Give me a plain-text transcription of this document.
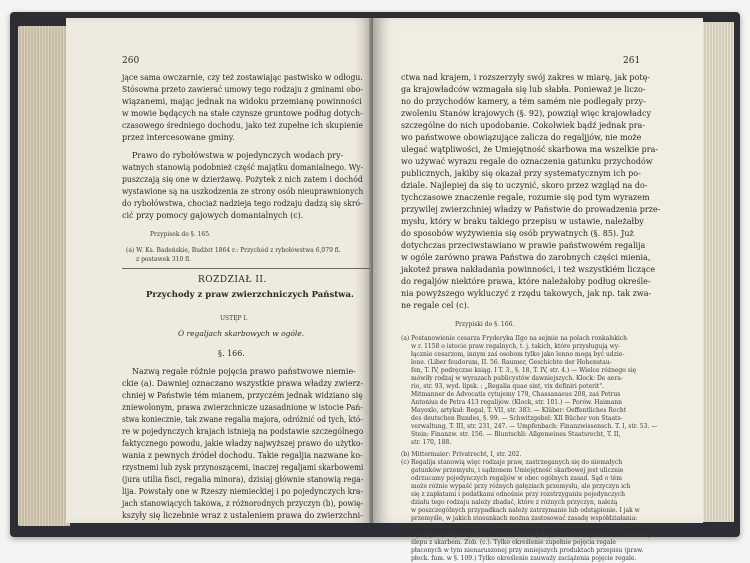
260
jące sama owczarnie, czy też zostawiając pastwisko w odłogu.
Stósowna przeto zawierać umowy tego rodzaju z gminami obo-
wiązanemi, mając jednak na widoku przemianę powinności
w mowie będących na stałe czynsze gruntowe podług dotych-
czasowego średniego dochodu, jako też zupełne ich skupienie
przez intercesowane gminy.
Prawo do rybołówstwa w pojedynczych wodach pry-
watnych stanowią podobnież część majątku domanialnego. Wy-
puszczają się one w dzierżawę. Pożytek z nich zatem i dochód
wystawione są na uszkodzenia ze strony osób nieuprawnionych
do rybołówstwa, chociaż nadzieja tego rodzaju dadzą się skró-
cić przy pomocy gajowych domanialnych (c).
Przypisek do §. 165.
(a) W. Ks. Badeńskie, Budżet 1864 r.: Przychód z rybołówstwa 6,079 fl.
z postawek 310 fl.
ROZDZIAŁ II.
Przychody z praw zwierzchniczych Państwa.
USTĘP I.
O regaljach skarbowych w ogóle.
§. 166.
Nazwą regale różnie pojęcia prawo państwowe niemie-
ckie (a). Dawniej oznaczano wszystkie prawa władzy zwierz-
chniej w Państwie tém mianem, przyczém jednak widziano się
zniewolonym, prawa zwierzchnicze uzasadnione w istocie Pań-
stwa koniecznie, tak zwane regalia majora, odróżnić od tych, któ-
re w pojedynczych krajach istnieją na podstawie szczególnego
faktycznego powodu, jakie władzy najwyższej prawo do użytko-
wania z pewnych źródeł dochodu. Takie regaljia nazwane ko-
rzystnemi lub zysk przynoszącemi, inaczej regaljami skarbowemi
(jura utilia fisci, regalia minora), dzisiaj głównie stanowią rega-
lija. Powstały one w Rzeszy niemieckiej i po pojedynczych kra-
jach stanowiących takowa, z różnorodnych przyczyn (b), powię-
kszyły się liczebnie wraz z ustaleniem prawa do zwierzchni-
261
ctwa nad krajem, i rozszerzyły swój zakres w miarę, jak potę-
ga krajowładców wzmagała się lub słabła. Ponieważ je liczo-
no do przychodów kamery, a tém samém nie podlegały przy-
zwoleniu Stanów krajowych (§. 92), powziął więc krajowładcy
szczególne do nich upodobanie. Cokolwiek bądź jednak pra-
wo państwowe obowiązujące zalicza do regaljjów, nie może
ulegać wątpliwości, że Umiejętność skarbowa ma wszelkie pra-
wo używać wyrazu regale do oznaczenia gatunku przychodów
publicznych, jakiby się okazał przy systematycznym ich po-
dziale. Najlepiej da się to uczynić, skoro przez wzgląd na do-
tychczasowe znaczenie regale, rozumie się pod tym wyrazem
przywilej zwierzchniej władzy w Państwie do prowadzenia prze-
mysłu, który w braku takiego przepisu w ustawie, należałby
do sposobów wyżywienia się osób prywatnych (§. 85). Już
dotychczas przeciwstawiano w prawie państwowém regalija
w ogóle zarówno prawa Państwa do zarobnych części mienia,
jakoteż prawa nakładania powinności, i też wszystkiém liczące
do regaljów niektóre prawa, które należałoby podług określe-
nia powyższego wykluczyć z rzędu takowych, jak np. tak zwa-
ne regale cel (c).
Przypiski do §. 166.
(a) Postanowienie cesarza Fryderyka IIgo na sejmie na polach ronkalskich
w r. 1158 o istocie praw regalnych, t. j. takich, które przysługują wy-
łącznie cesarzom, innym zaś osobom tylko jako lenno mogą być udzie-
lone. (Liber feudorum, II. 56. Raumer, Geschichte der Hohenstau-
fen, T. IV, podręczne ksiąg. I T. 3., §. 18, T. IV, str. 4.) — Wielce różnego się
mówiły rodzaj w wyrazach publicystów dawniejszych. Klock: De aera-
rio, str. 93, wyd. lipsk. : „Regalia quae sint, vix definiri poterit".
Mitmanner de Advocatis cytujemy 179, Chassanaeus 208, zaś Petrus
Antonius de Petra 413 regalijów. (Klock, str. 101.) — Porów. Haimann
Mayoxlo, artykuł: Regal, T. VII, str. 383. — Klüber: Oeffentliches Recht
des deutschen Bundes, §. 99. — Schwitzgebel: XII Bücher von Staats-
verwaltung, T. III, str. 231, 247. — Umpfenbach: Finanzwissensch. T. I, str. 53. —
Stein: Finanzw. str. 156. — Bluntschli: Allgemeines Staatsrecht, T. II,
str. 170, 188.
(b) Mittermaier: Privatrecht, I, str. 202.
(c) Regalija stanowią więc rodzaje praw, zastrzeganych się do niemałych
gatunków przemysłu, i sądzonem Umiejętność skarbowej jest ulicznie
odrzucamy pojedynczych regaljów w obec ogólnych zasad. Sąd o tém
może różnie wypaść przy różnych gałęziach przemysłu, ale przyczyn ich
się z zapłatami i podatkami odnośnie przy rozstrzyganiu pojedynczych
działu tego rodzaju należy zbadać, które z różnych przyczyn, należą
w poszczególnych przypadkach należy zatrzymanie lub odstąpienie. I jak w
przemyśle, w jakich stosunkach można zastosować zasadę współdziałania:
szczególnie ze względu na prawo przymusowe obywatelskie w nauce, który
wymaganiu, wymagało też skrócenia w ogólnych Państwie jakie. W. I. w zasady
ślepu z skarbem. Zob. (c.). Tylko określenie zupełnie pojęcia regale
płaconych w tym nienaruszonej przy mniejszych produktach przepisu (praw.
płock. fum. w §. 109.) Tylko określenie zauważy zaciążenia pojęcie regale.
